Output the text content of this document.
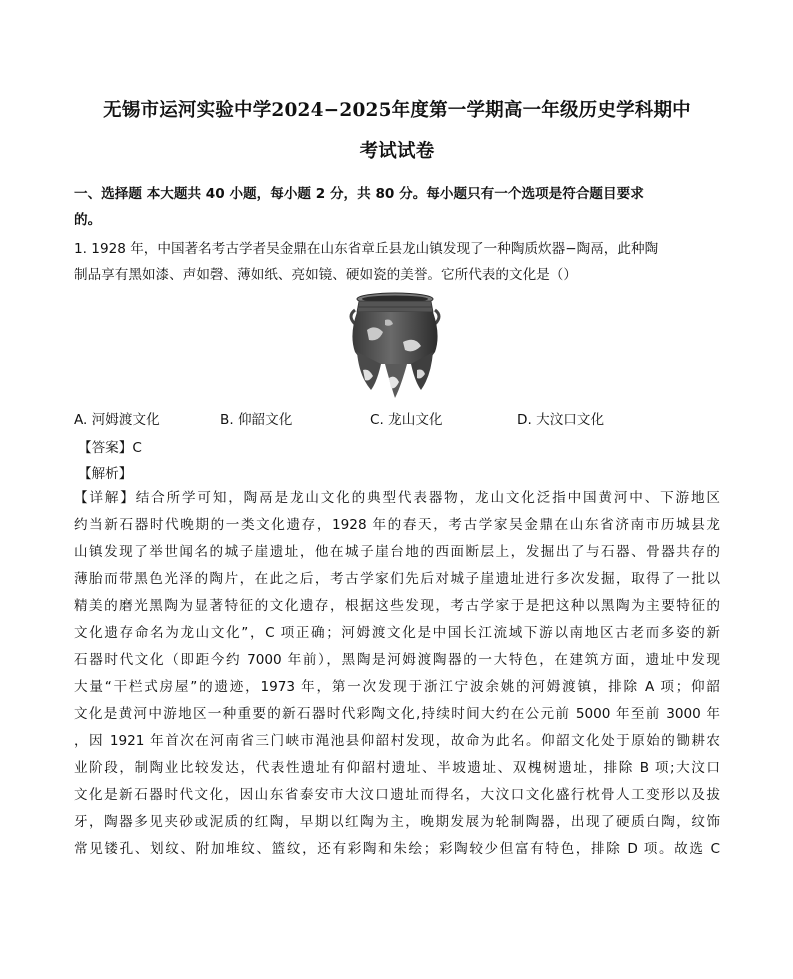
无锡市运河实验中学2024−2025年度第一学期高一年级历史学科期中
考试试卷
一、选择题 本大题共 40 小题，每小题 2 分，共 80 分。每小题只有一个选项是符合题目要求
的。
1. 1928 年，中国著名考古学者吴金鼎在山东省章丘县龙山镇发现了一种陶质炊器−陶鬲，此种陶
制品享有黑如漆、声如磬、薄如纸、亮如镜、硬如瓷的美誉。它所代表的文化是（）
A. 河姆渡文化	B. 仰韶文化	C. 龙山文化	D. 大汶口文化
【答案】C
【解析】
【详解】结合所学可知，陶鬲是龙山文化的典型代表器物，龙山文化泛指中国黄河中、下游地区
约当新石器时代晚期的一类文化遗存，1928 年的春天，考古学家吴金鼎在山东省济南市历城县龙
山镇发现了举世闻名的城子崖遗址，他在城子崖台地的西面断层上，发掘出了与石器、骨器共存的
薄胎而带黑色光泽的陶片，在此之后，考古学家们先后对城子崖遗址进行多次发掘，取得了一批以
精美的磨光黑陶为显著特征的文化遗存，根据这些发现，考古学家于是把这种以黑陶为主要特征的
文化遗存命名为龙山文化”，C 项正确；河姆渡文化是中国长江流域下游以南地区古老而多姿的新
石器时代文化（即距今约 7000 年前），黑陶是河姆渡陶器的一大特色，在建筑方面，遗址中发现
大量“干栏式房屋”的遗迹，1973 年，第一次发现于浙江宁波余姚的河姆渡镇，排除 A 项；仰韶
文化是黄河中游地区一种重要的新石器时代彩陶文化,持续时间大约在公元前 5000 年至前 3000 年
，因 1921 年首次在河南省三门峡市渑池县仰韶村发现，故命为此名。仰韶文化处于原始的锄耕农
业阶段，制陶业比较发达，代表性遗址有仰韶村遗址、半坡遗址、双槐树遗址，排除 B 项;大汶口
文化是新石器时代文化，因山东省泰安市大汶口遗址而得名，大汶口文化盛行枕骨人工变形以及拔
牙，陶器多见夹砂或泥质的红陶，早期以红陶为主，晚期发展为轮制陶器，出现了硬质白陶，纹饰
常见镂孔、划纹、附加堆纹、篮纹，还有彩陶和朱绘；彩陶较少但富有特色，排除 D 项。故选 C
